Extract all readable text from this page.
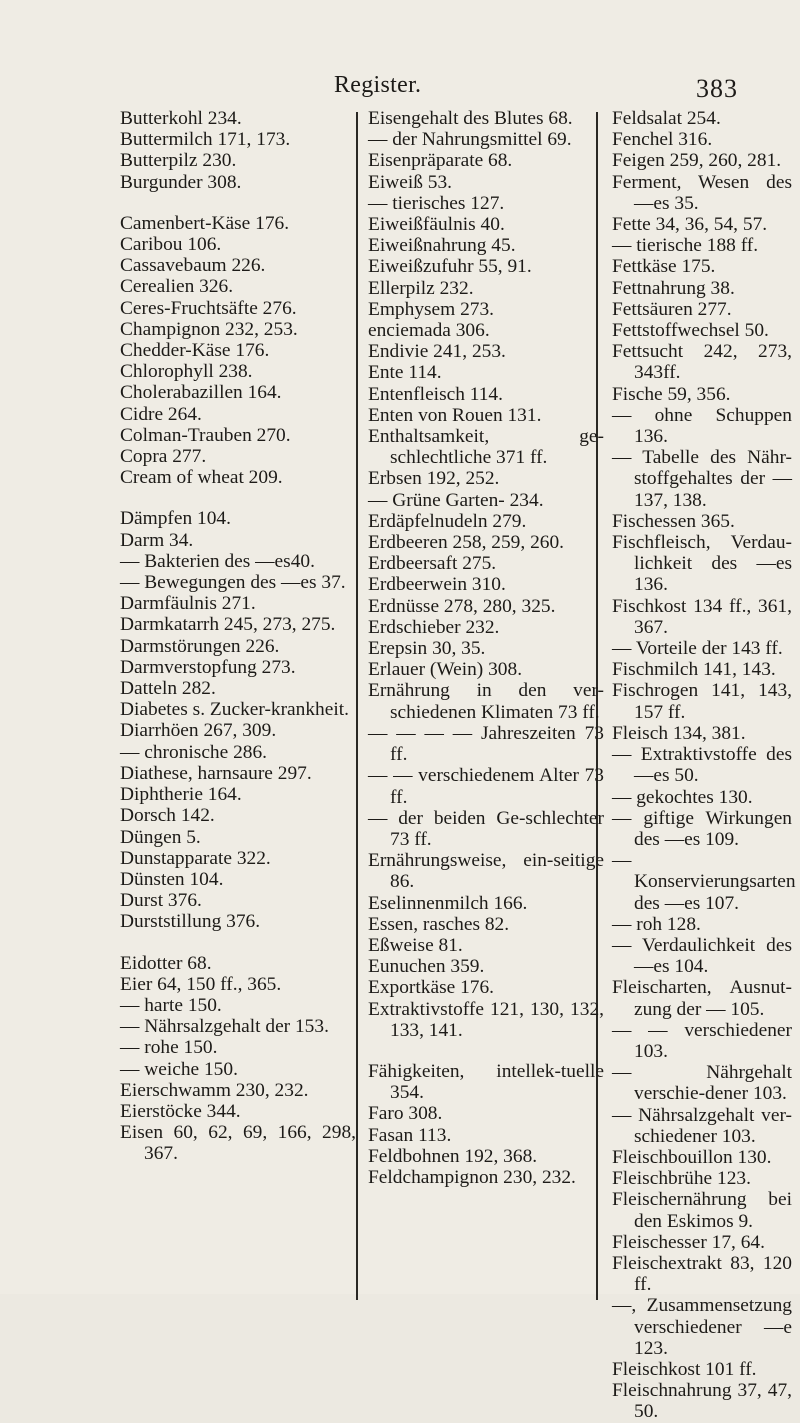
Register.	383

Butterkohl 234.

Buttermilch 171, 173.

Butterpilz 230.

Burgunder 308.

Camenbert-Käse 176.

Caribou 106.

Cassavebaum 226.

Cerealien 326.

Ceres-Fruchtsäfte 276.

Champignon 232, 253.

Chedder-Käse 176.

Chlorophyll 238.

Cholerabazillen 164.

Cidre 264.

Colman-Trauben 270.

Copra 277.

Cream of wheat 209.

Dämpfen 104.

Darm 34.

— Bakterien des —es40.

— Bewegungen des —es 37.

Darmfäulnis 271.

Darmkatarrh 245, 273, 275.

Darmstörungen 226.

Darmverstopfung 273.

Datteln 282.

Diabetes s. Zucker-krankheit.

Diarrhöen 267, 309.

— chronische 286.

Diathese, harnsaure 297.

Diphtherie 164.

Dorsch 142.

Düngen 5.

Dunstapparate 322.

Dünsten 104.

Durst 376.

Durststillung 376.

Eidotter 68.

Eier 64, 150 ff., 365.

— harte 150.

— Nährsalzgehalt der 153.

— rohe 150.

— weiche 150.

Eierschwamm 230, 232.

Eierstöcke 344.

Eisen 60, 62, 69, 166, 298, 367.

Eisengehalt des Blutes 68.

— der Nahrungsmittel 69.

Eisenpräparate 68.

Eiweiß 53.

— tierisches 127.

Eiweißfäulnis 40.

Eiweißnahrung 45.

Eiweißzufuhr 55, 91.

Ellerpilz 232.

Emphysem 273.

enciemada 306.

Endivie 241, 253.

Ente 114.

Entenfleisch 114.

Enten von Rouen 131.

Enthaltsamkeit, ge-schlechtliche 371 ff.

Erbsen 192, 252.

— Grüne Garten- 234.

Erdäpfelnudeln 279.

Erdbeeren 258, 259, 260.

Erdbeersaft 275.

Erdbeerwein 310.

Erdnüsse 278, 280, 325.

Erdschieber 232.

Erepsin 30, 35.

Erlauer (Wein) 308.

Ernährung in den ver-schiedenen Klimaten 73 ff.

— — — — Jahreszeiten 73 ff.

— — verschiedenem Alter 73 ff.

— der beiden Ge-schlechter 73 ff.

Ernährungsweise, ein-seitige 86.

Eselinnenmilch 166.

Essen, rasches 82.

Eßweise 81.

Eunuchen 359.

Exportkäse 176.

Extraktivstoffe 121, 130, 132, 133, 141.

Fähigkeiten, intellek-tuelle 354.

Faro 308.

Fasan 113.

Feldbohnen 192, 368.

Feldchampignon 230, 232.

Feldsalat 254.

Fenchel 316.

Feigen 259, 260, 281.

Ferment, Wesen des —es 35.

Fette 34, 36, 54, 57.

— tierische 188 ff.

Fettkäse 175.

Fettnahrung 38.

Fettsäuren 277.

Fettstoffwechsel 50.

Fettsucht 242, 273, 343ff.

Fische 59, 356.

— ohne Schuppen 136.

— Tabelle des Nähr-stoffgehaltes der — 137, 138.

Fischessen 365.

Fischfleisch, Verdau-lichkeit des —es 136.

Fischkost 134 ff., 361, 367.

— Vorteile der 143 ff.

Fischmilch 141, 143.

Fischrogen 141, 143, 157 ff.

Fleisch 134, 381.

— Extraktivstoffe des —es 50.

— gekochtes 130.

— giftige Wirkungen des —es 109.

— Konservierungsarten des —es 107.

— roh 128.

— Verdaulichkeit des —es 104.

Fleischarten, Ausnut-zung der — 105.

— — verschiedener 103.

— Nährgehalt verschie-dener 103.

— Nährsalzgehalt ver-schiedener 103.

Fleischbouillon 130.

Fleischbrühe 123.

Fleischernährung bei den Eskimos 9.

Fleischesser 17, 64.

Fleischextrakt 83, 120 ff.

—, Zusammensetzung verschiedener —e 123.

Fleischkost 101 ff.

Fleischnahrung 37, 47, 50.
